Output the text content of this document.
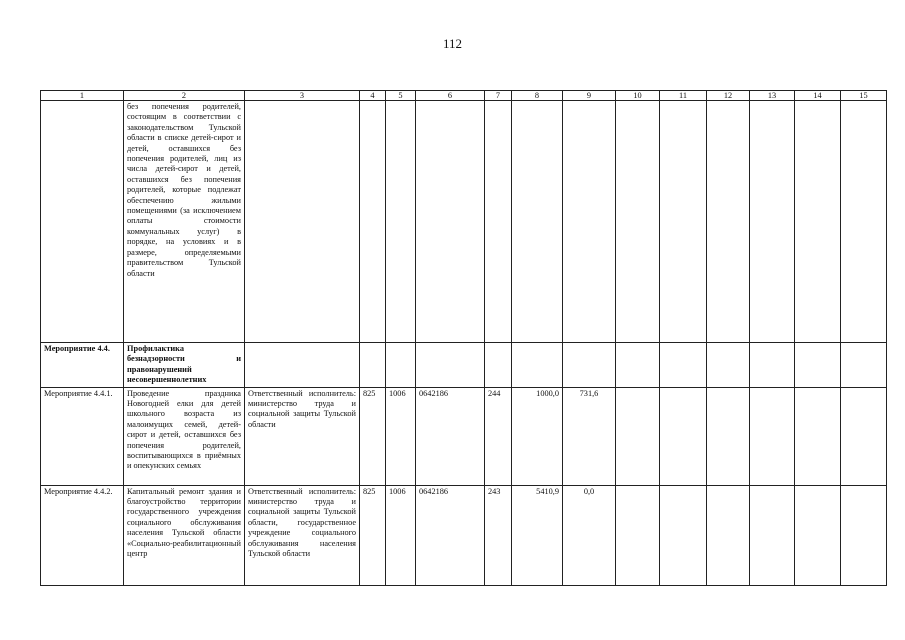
112
1	2	3	4	5	6	7	8	9	10	11	12	13	14	15
	без попечения родителей, состоящим в соответствии с законодательством Тульской области в списке детей-сирот и детей, оставшихся без попечения родителей, лиц из числа детей-сирот и детей, оставшихся без попечения родителей, которые подлежат обеспечению жилыми помещениями (за исключением оплаты стоимости коммунальных услуг) в порядке, на условиях и в размере, определяемыми правительством Тульской области													
Мероприятие 4.4.	Профилактика безнадзорности и правонарушений несовершеннолетних													
Мероприятие 4.4.1.	Проведение праздника Новогодней елки для детей школьного возраста из малоимущих семей, детей-сирот и детей, оставшихся без попечения родителей, воспитывающихся в приёмных и опекунских семьях	Ответственный исполнитель: министерство труда и социальной защиты Тульской области	825	1006	0642186	244	1000,0	731,6						
Мероприятие 4.4.2.	Капитальный ремонт здания и благоустройство территории государственного учреждения социального обслуживания населения Тульской области «Социально-реабилитационный центр	Ответственный исполнитель: министерство труда и социальной защиты Тульской области, государственное учреждение социального обслуживания населения Тульской области	825	1006	0642186	243	5410,9	0,0						
